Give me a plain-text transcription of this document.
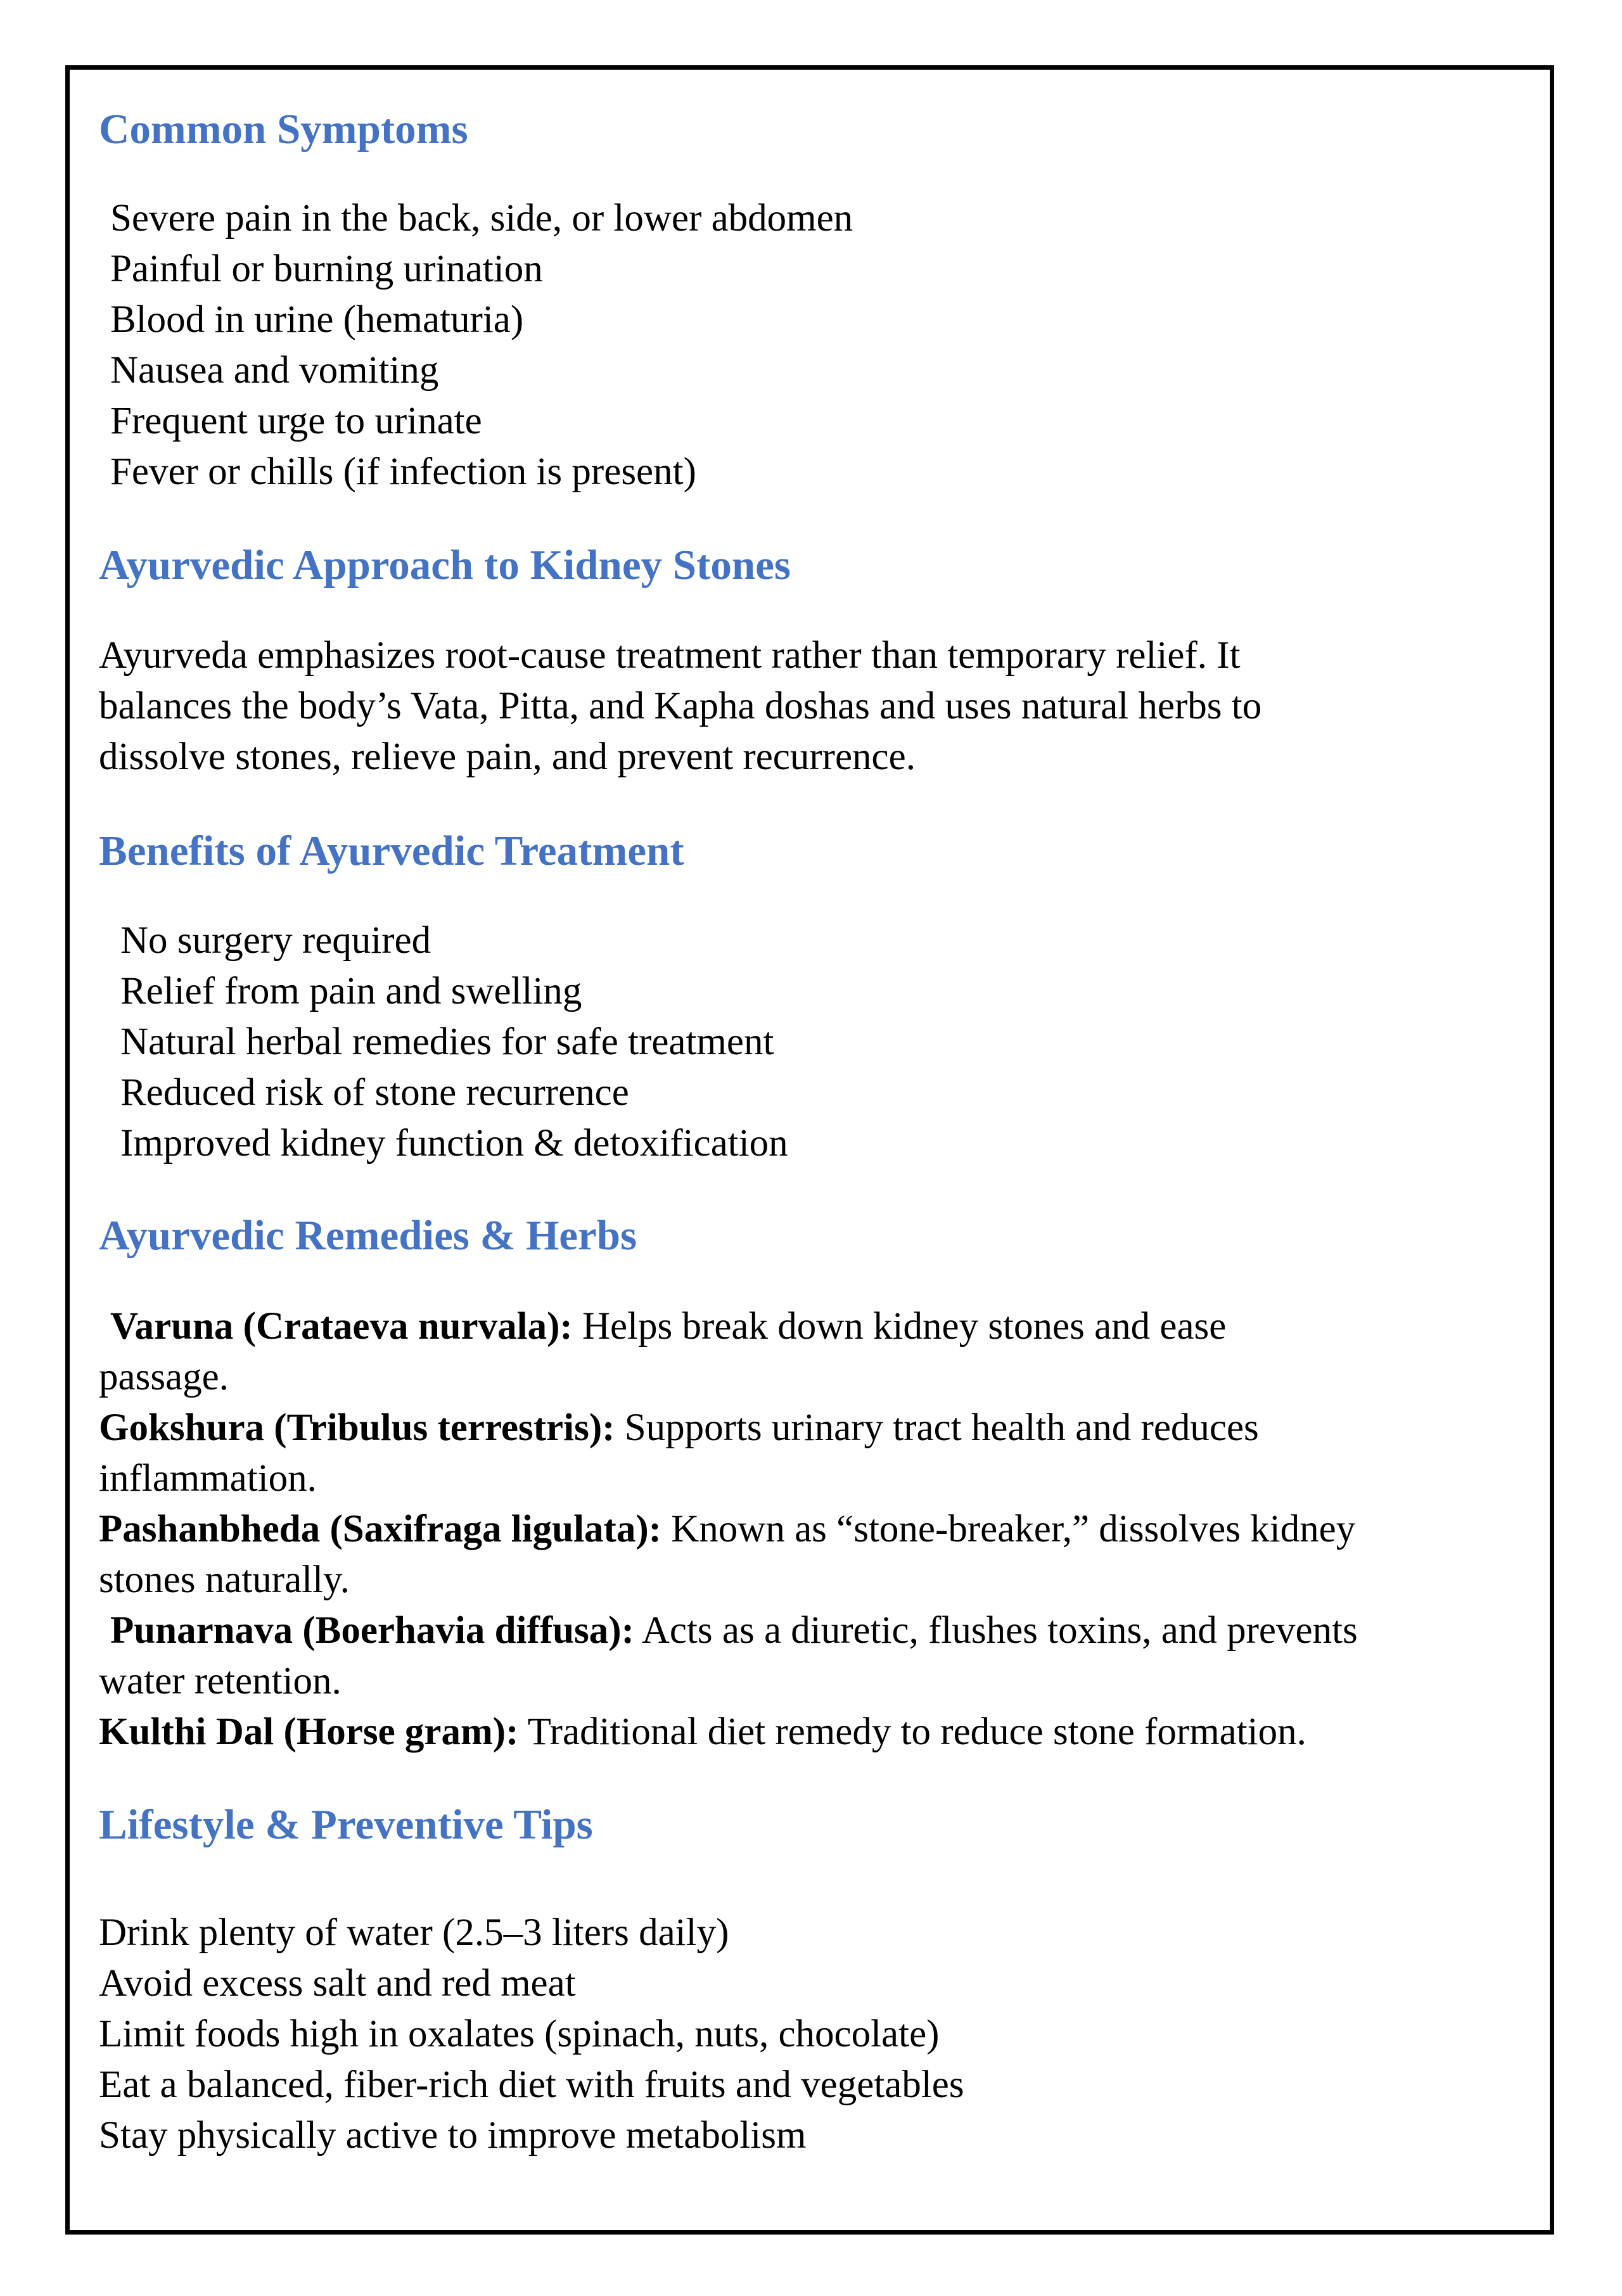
Common Symptoms
Severe pain in the back, side, or lower abdomen
Painful or burning urination
Blood in urine (hematuria)
Nausea and vomiting
Frequent urge to urinate
Fever or chills (if infection is present)
Ayurvedic Approach to Kidney Stones
Ayurveda emphasizes root-cause treatment rather than temporary relief. It
balances the body’s Vata, Pitta, and Kapha doshas and uses natural herbs to
dissolve stones, relieve pain, and prevent recurrence.
Benefits of Ayurvedic Treatment
No surgery required
Relief from pain and swelling
Natural herbal remedies for safe treatment
Reduced risk of stone recurrence
Improved kidney function & detoxification
Ayurvedic Remedies & Herbs
Varuna (Crataeva nurvala): Helps break down kidney stones and ease
passage.
Gokshura (Tribulus terrestris): Supports urinary tract health and reduces
inflammation.
Pashanbheda (Saxifraga ligulata): Known as “stone-breaker,” dissolves kidney
stones naturally.
Punarnava (Boerhavia diffusa): Acts as a diuretic, flushes toxins, and prevents
water retention.
Kulthi Dal (Horse gram): Traditional diet remedy to reduce stone formation.
Lifestyle & Preventive Tips
Drink plenty of water (2.5–3 liters daily)
Avoid excess salt and red meat
Limit foods high in oxalates (spinach, nuts, chocolate)
Eat a balanced, fiber-rich diet with fruits and vegetables
Stay physically active to improve metabolism
